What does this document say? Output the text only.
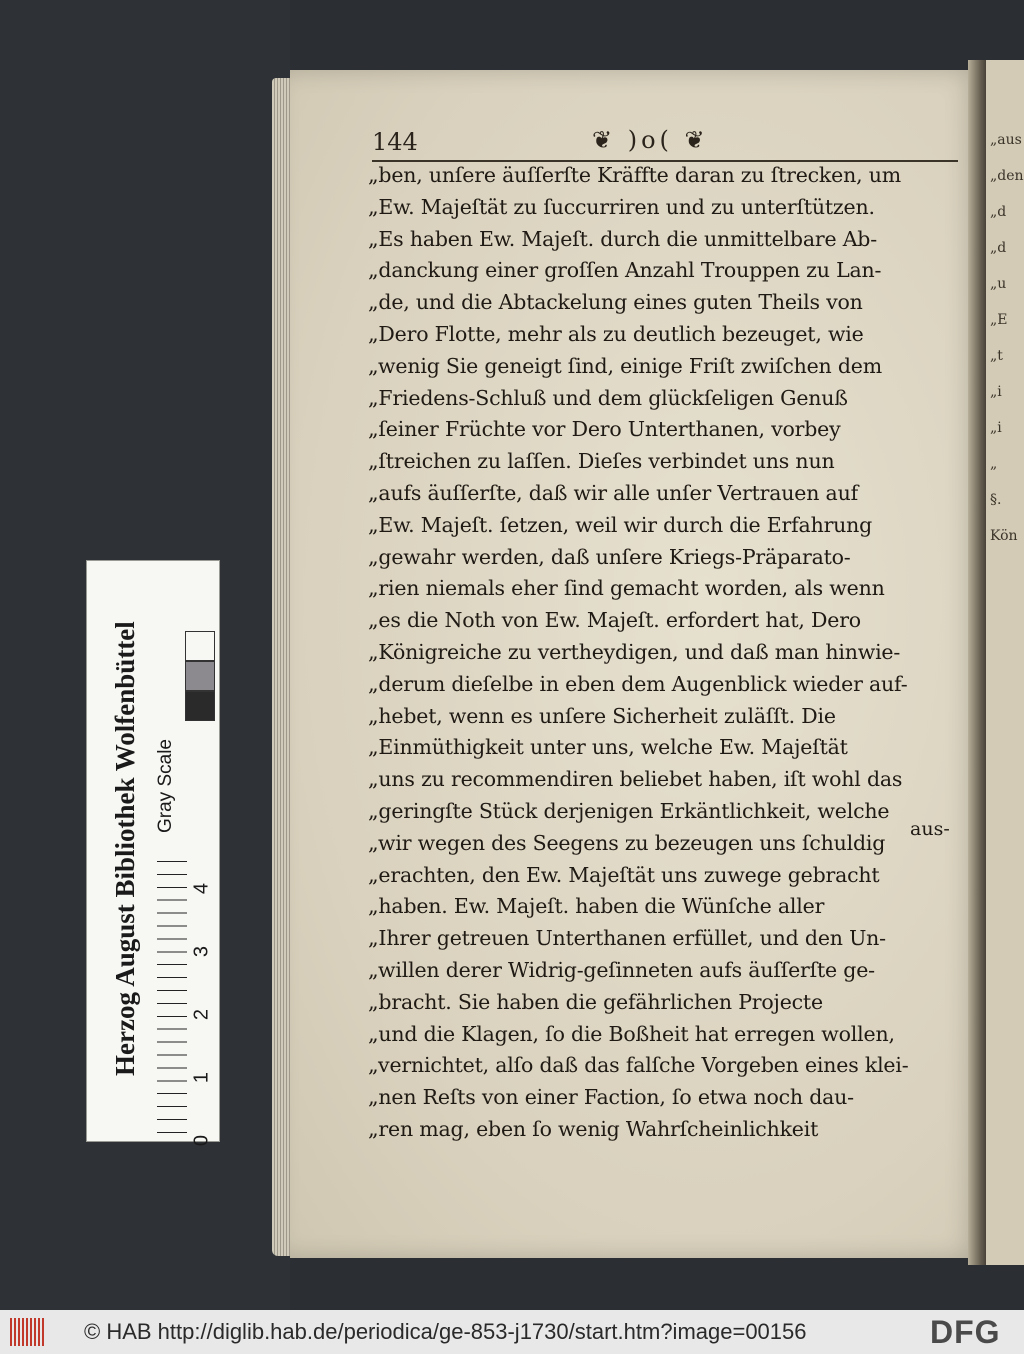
„aus
„den
„d
„d
„u
„E
„t
„i
„i
„
§.
Kön
144	❦ )o( ❦
„ben, unſere äuſſerſte Kräffte daran zu ſtrecken, um
„Ew. Majeſtät zu ſuccurriren und zu unterſtützen.
„Es haben Ew. Majeſt. durch die unmittelbare Ab-
„danckung einer groſſen Anzahl Trouppen zu Lan-
„de, und die Abtackelung eines guten Theils von
„Dero Flotte, mehr als zu deutlich bezeuget, wie
„wenig Sie geneigt ſind, einige Friſt zwiſchen dem
„Friedens-Schluß und dem glückſeligen Genuß
„ſeiner Früchte vor Dero Unterthanen, vorbey
„ſtreichen zu laſſen. Dieſes verbindet uns nun
„aufs äuſſerſte, daß wir alle unſer Vertrauen auf
„Ew. Majeſt. ſetzen, weil wir durch die Erfahrung
„gewahr werden, daß unſere Kriegs-Präparato-
„rien niemals eher ſind gemacht worden, als wenn
„es die Noth von Ew. Majeſt. erfordert hat, Dero
„Königreiche zu vertheydigen, und daß man hinwie-
„derum dieſelbe in eben dem Augenblick wieder auf-
„hebet, wenn es unſere Sicherheit zuläſſt. Die
„Einmüthigkeit unter uns, welche Ew. Majeſtät
„uns zu recommendiren beliebet haben, iſt wohl das
„geringſte Stück derjenigen Erkäntlichkeit, welche
„wir wegen des Seegens zu bezeugen uns ſchuldig
„erachten, den Ew. Majeſtät uns zuwege gebracht
„haben. Ew. Majeſt. haben die Wünſche aller
„Ihrer getreuen Unterthanen erfüllet, und den Un-
„willen derer Widrig-geſinneten aufs äuſſerſte ge-
„bracht. Sie haben die gefährlichen Projecte
„und die Klagen, ſo die Boßheit hat erregen wollen,
„vernichtet, alſo daß das falſche Vorgeben eines klei-
„nen Reſts von einer Faction, ſo etwa noch dau-
„ren mag, eben ſo wenig Wahrſcheinlichkeit
aus-
Herzog August Bibliothek Wolfenbüttel Gray Scale
0
1
2
3
4
© HAB http://diglib.hab.de/periodica/ge-853-j1730/start.htm?image=00156	DFG
